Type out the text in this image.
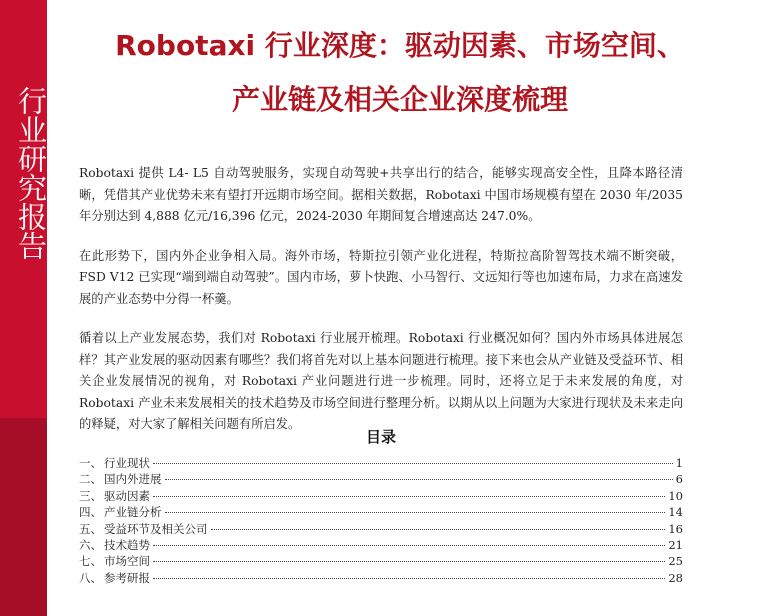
行业研究报告
Robotaxi 行业深度：驱动因素、市场空间、
产业链及相关企业深度梳理

Robotaxi 提供 L4- L5 自动驾驶服务，实现自动驾驶+共享出行的结合，能够实现高安全性，且降本路径清晰，凭借其产业优势未来有望打开远期市场空间。据相关数据，Robotaxi 中国市场规模有望在 2030 年/2035 年分别达到 4,888 亿元/16,396 亿元，2024-2030 年期间复合增速高达 247.0%。

在此形势下，国内外企业争相入局。海外市场，特斯拉引领产业化进程，特斯拉高阶智驾技术端不断突破，FSD V12 已实现“端到端自动驾驶”。国内市场，萝卜快跑、小马智行、文远知行等也加速布局，力求在高速发展的产业态势中分得一杯羹。

循着以上产业发展态势，我们对 Robotaxi 行业展开梳理。Robotaxi 行业概况如何？国内外市场具体进展怎样？其产业发展的驱动因素有哪些？我们将首先对以上基本问题进行梳理。接下来也会从产业链及受益环节、相关企业发展情况的视角，对 Robotaxi 产业问题进行进一步梳理。同时，还将立足于未来发展的角度，对 Robotaxi 产业未来发展相关的技术趋势及市场空间进行整理分析。以期从以上问题为大家进行现状及未来走向的释疑，对大家了解相关问题有所启发。

目录
一、 行业现状	1
二、 国内外进展	6
三、 驱动因素	10
四、 产业链分析	14
五、 受益环节及相关公司	16
六、 技术趋势	21
七、 市场空间	25
八、 参考研报	28
